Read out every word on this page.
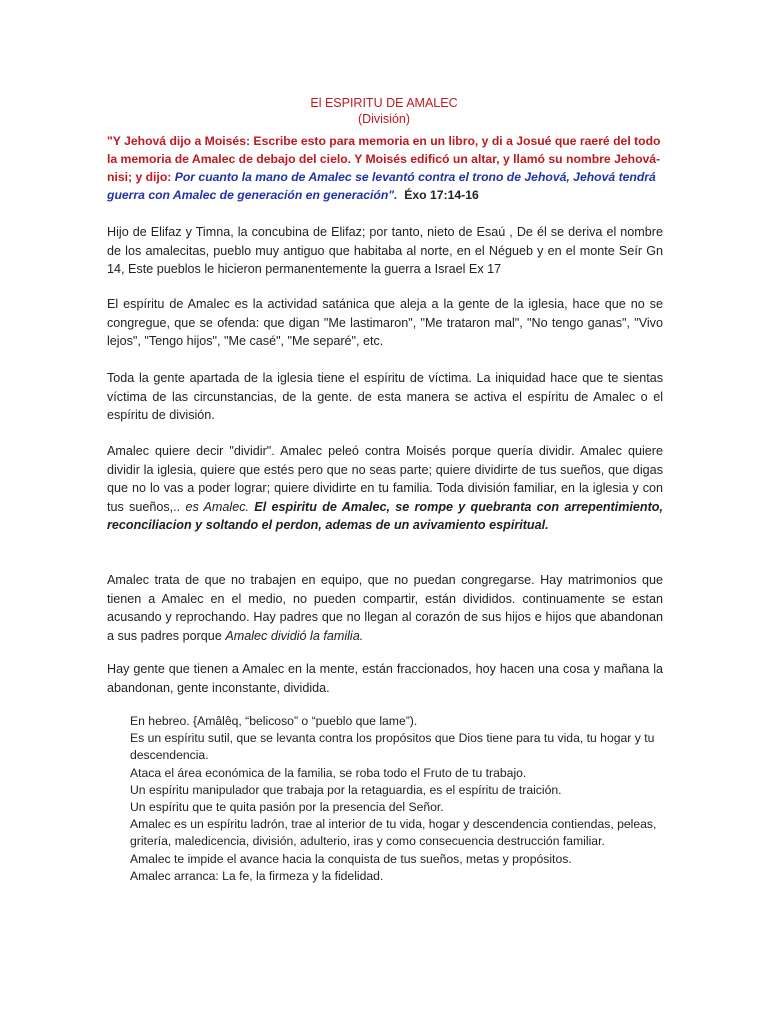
El ESPIRITU DE AMALEC
(División)
"Y Jehová dijo a Moisés: Escribe esto para memoria en un libro, y di a Josué que raeré del todo la memoria de Amalec de debajo del cielo. Y Moisés edificó un altar, y llamó su nombre Jehová-nisi; y dijo: Por cuanto la mano de Amalec se levantó contra el trono de Jehová, Jehová tendrá guerra con Amalec de generación en generación". Éxo 17:14-16
Hijo de Elifaz y Timna, la concubina de Elifaz; por tanto, nieto de Esaú , De él se deriva el nombre de los amalecitas, pueblo muy antiguo que habitaba al norte, en el Négueb y en el monte Seír Gn 14, Este pueblos le hicieron permanentemente la guerra a Israel Ex 17
El espíritu de Amalec es la actividad satánica que aleja a la gente de la iglesia, hace que no se congregue, que se ofenda: que digan "Me lastimaron", "Me trataron mal", "No tengo ganas", "Vivo lejos", "Tengo hijos", "Me casé", "Me separé", etc.
Toda la gente apartada de la iglesia tiene el espíritu de víctima. La iniquidad hace que te sientas víctima de las circunstancias, de la gente. de esta manera se activa el espíritu de Amalec o el espíritu de división.
Amalec quiere decir "dividir". Amalec peleó contra Moisés porque quería dividir. Amalec quiere dividir la iglesia, quiere que estés pero que no seas parte; quiere dividirte de tus sueños, que digas que no lo vas a poder lograr; quiere dividirte en tu familia. Toda división familiar, en la iglesia y con tus sueños,.. es Amalec. El espiritu de Amalec, se rompe y quebranta con arrepentimiento, reconciliacion y soltando el perdon, ademas de un avivamiento espiritual.
Amalec trata de que no trabajen en equipo, que no puedan congregarse. Hay matrimonios que tienen a Amalec en el medio, no pueden compartir, están divididos. continuamente se estan acusando y reprochando. Hay padres que no llegan al corazón de sus hijos e hijos que abandonan a sus padres porque Amalec dividió la familia.
Hay gente que tienen a Amalec en la mente, están fraccionados, hoy hacen una cosa y mañana la abandonan, gente inconstante, dividida.
En hebreo. {Amâlêq, “belicoso” o “pueblo que lame”).
Es un espíritu sutil, que se levanta contra los propósitos que Dios tiene para tu vida, tu hogar y tu descendencia.
Ataca el área económica de la familia, se roba todo el Fruto de tu trabajo.
Un espíritu manipulador que trabaja por la retaguardia, es el espíritu de traición.
Un espíritu que te quita pasión por la presencia del Señor.
Amalec es un espíritu ladrón, trae al interior de tu vida, hogar y descendencia contiendas, peleas, gritería, maledicencia, división, adulterio, iras y como consecuencia destrucción familiar.
Amalec te impide el avance hacia la conquista de tus sueños, metas y propósitos.
Amalec arranca: La fe, la firmeza y la fidelidad.
